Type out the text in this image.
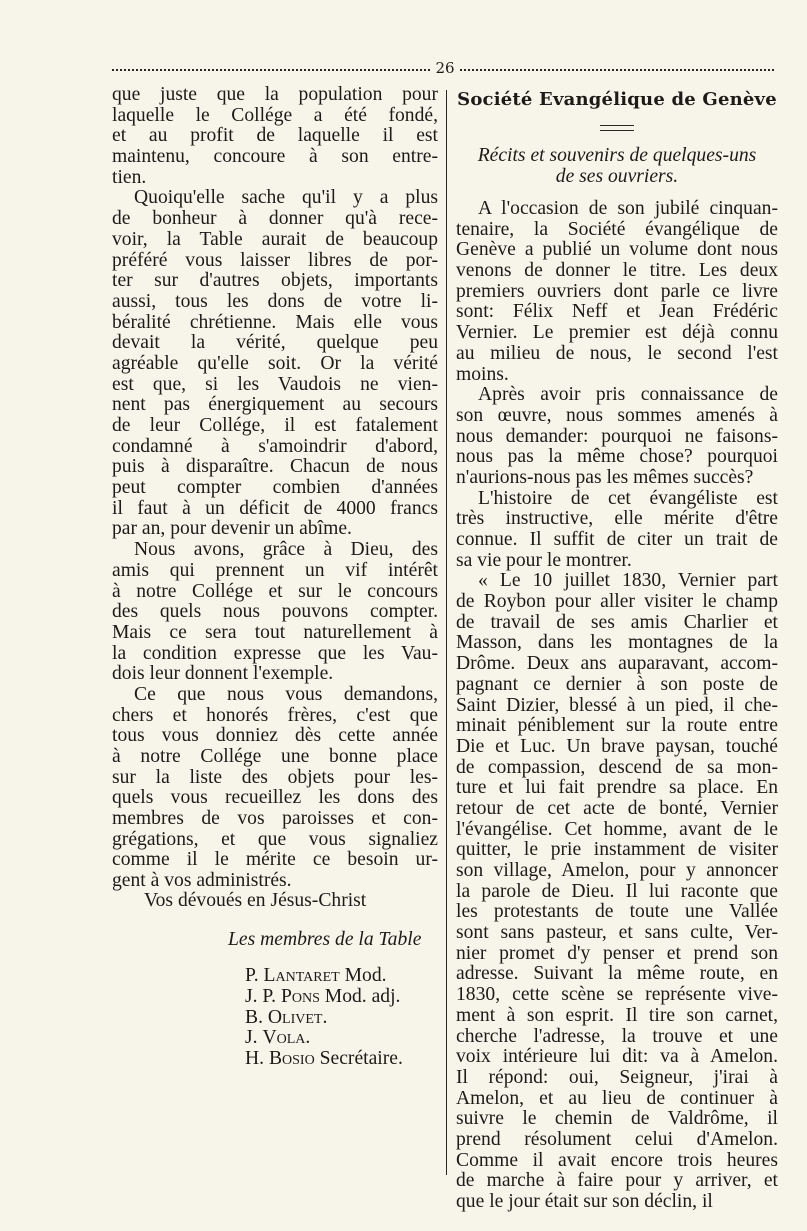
26
que juste que la population pour
laquelle le Collége a été fondé,
et au profit de laquelle il est
maintenu, concoure à son entre-
tien.
Quoiqu'elle sache qu'il y a plus
de bonheur à donner qu'à rece-
voir, la Table aurait de beaucoup
préféré vous laisser libres de por-
ter sur d'autres objets, importants
aussi, tous les dons de votre li-
béralité chrétienne. Mais elle vous
devait la vérité, quelque peu
agréable qu'elle soit. Or la vérité
est que, si les Vaudois ne vien-
nent pas énergiquement au secours
de leur Collége, il est fatalement
condamné à s'amoindrir d'abord,
puis à disparaître. Chacun de nous
peut compter combien d'années
il faut à un déficit de 4000 francs
par an, pour devenir un abîme.
Nous avons, grâce à Dieu, des
amis qui prennent un vif intérêt
à notre Collége et sur le concours
des quels nous pouvons compter.
Mais ce sera tout naturellement à
la condition expresse que les Vau-
dois leur donnent l'exemple.
Ce que nous vous demandons,
chers et honorés frères, c'est que
tous vous donniez dès cette année
à notre Collége une bonne place
sur la liste des objets pour les-
quels vous recueillez les dons des
membres de vos paroisses et con-
grégations, et que vous signaliez
comme il le mérite ce besoin ur-
gent à vos administrés.
Vos dévoués en Jésus-Christ
Les membres de la Table
P. Lantaret Mod.
J. P. Pons Mod. adj.
B. Olivet.
J. Vola.
H. Bosio Secrétaire.
Société Evangélique de Genève
Récits et souvenirs de quelques-uns
de ses ouvriers.
A l'occasion de son jubilé cinquan-
tenaire, la Société évangélique de
Genève a publié un volume dont nous
venons de donner le titre. Les deux
premiers ouvriers dont parle ce livre
sont: Félix Neff et Jean Frédéric
Vernier. Le premier est déjà connu
au milieu de nous, le second l'est
moins.
Après avoir pris connaissance de
son œuvre, nous sommes amenés à
nous demander: pourquoi ne faisons-
nous pas la même chose? pourquoi
n'aurions-nous pas les mêmes succès?
L'histoire de cet évangéliste est
très instructive, elle mérite d'être
connue. Il suffit de citer un trait de
sa vie pour le montrer.
« Le 10 juillet 1830, Vernier part
de Roybon pour aller visiter le champ
de travail de ses amis Charlier et
Masson, dans les montagnes de la
Drôme. Deux ans auparavant, accom-
pagnant ce dernier à son poste de
Saint Dizier, blessé à un pied, il che-
minait péniblement sur la route entre
Die et Luc. Un brave paysan, touché
de compassion, descend de sa mon-
ture et lui fait prendre sa place. En
retour de cet acte de bonté, Vernier
l'évangélise. Cet homme, avant de le
quitter, le prie instamment de visiter
son village, Amelon, pour y annoncer
la parole de Dieu. Il lui raconte que
les protestants de toute une Vallée
sont sans pasteur, et sans culte, Ver-
nier promet d'y penser et prend son
adresse. Suivant la même route, en
1830, cette scène se représente vive-
ment à son esprit. Il tire son carnet,
cherche l'adresse, la trouve et une
voix intérieure lui dit: va à Amelon.
Il répond: oui, Seigneur, j'irai à
Amelon, et au lieu de continuer à
suivre le chemin de Valdrôme, il
prend résolument celui d'Amelon.
Comme il avait encore trois heures
de marche à faire pour y arriver, et
que le jour était sur son déclin, il
